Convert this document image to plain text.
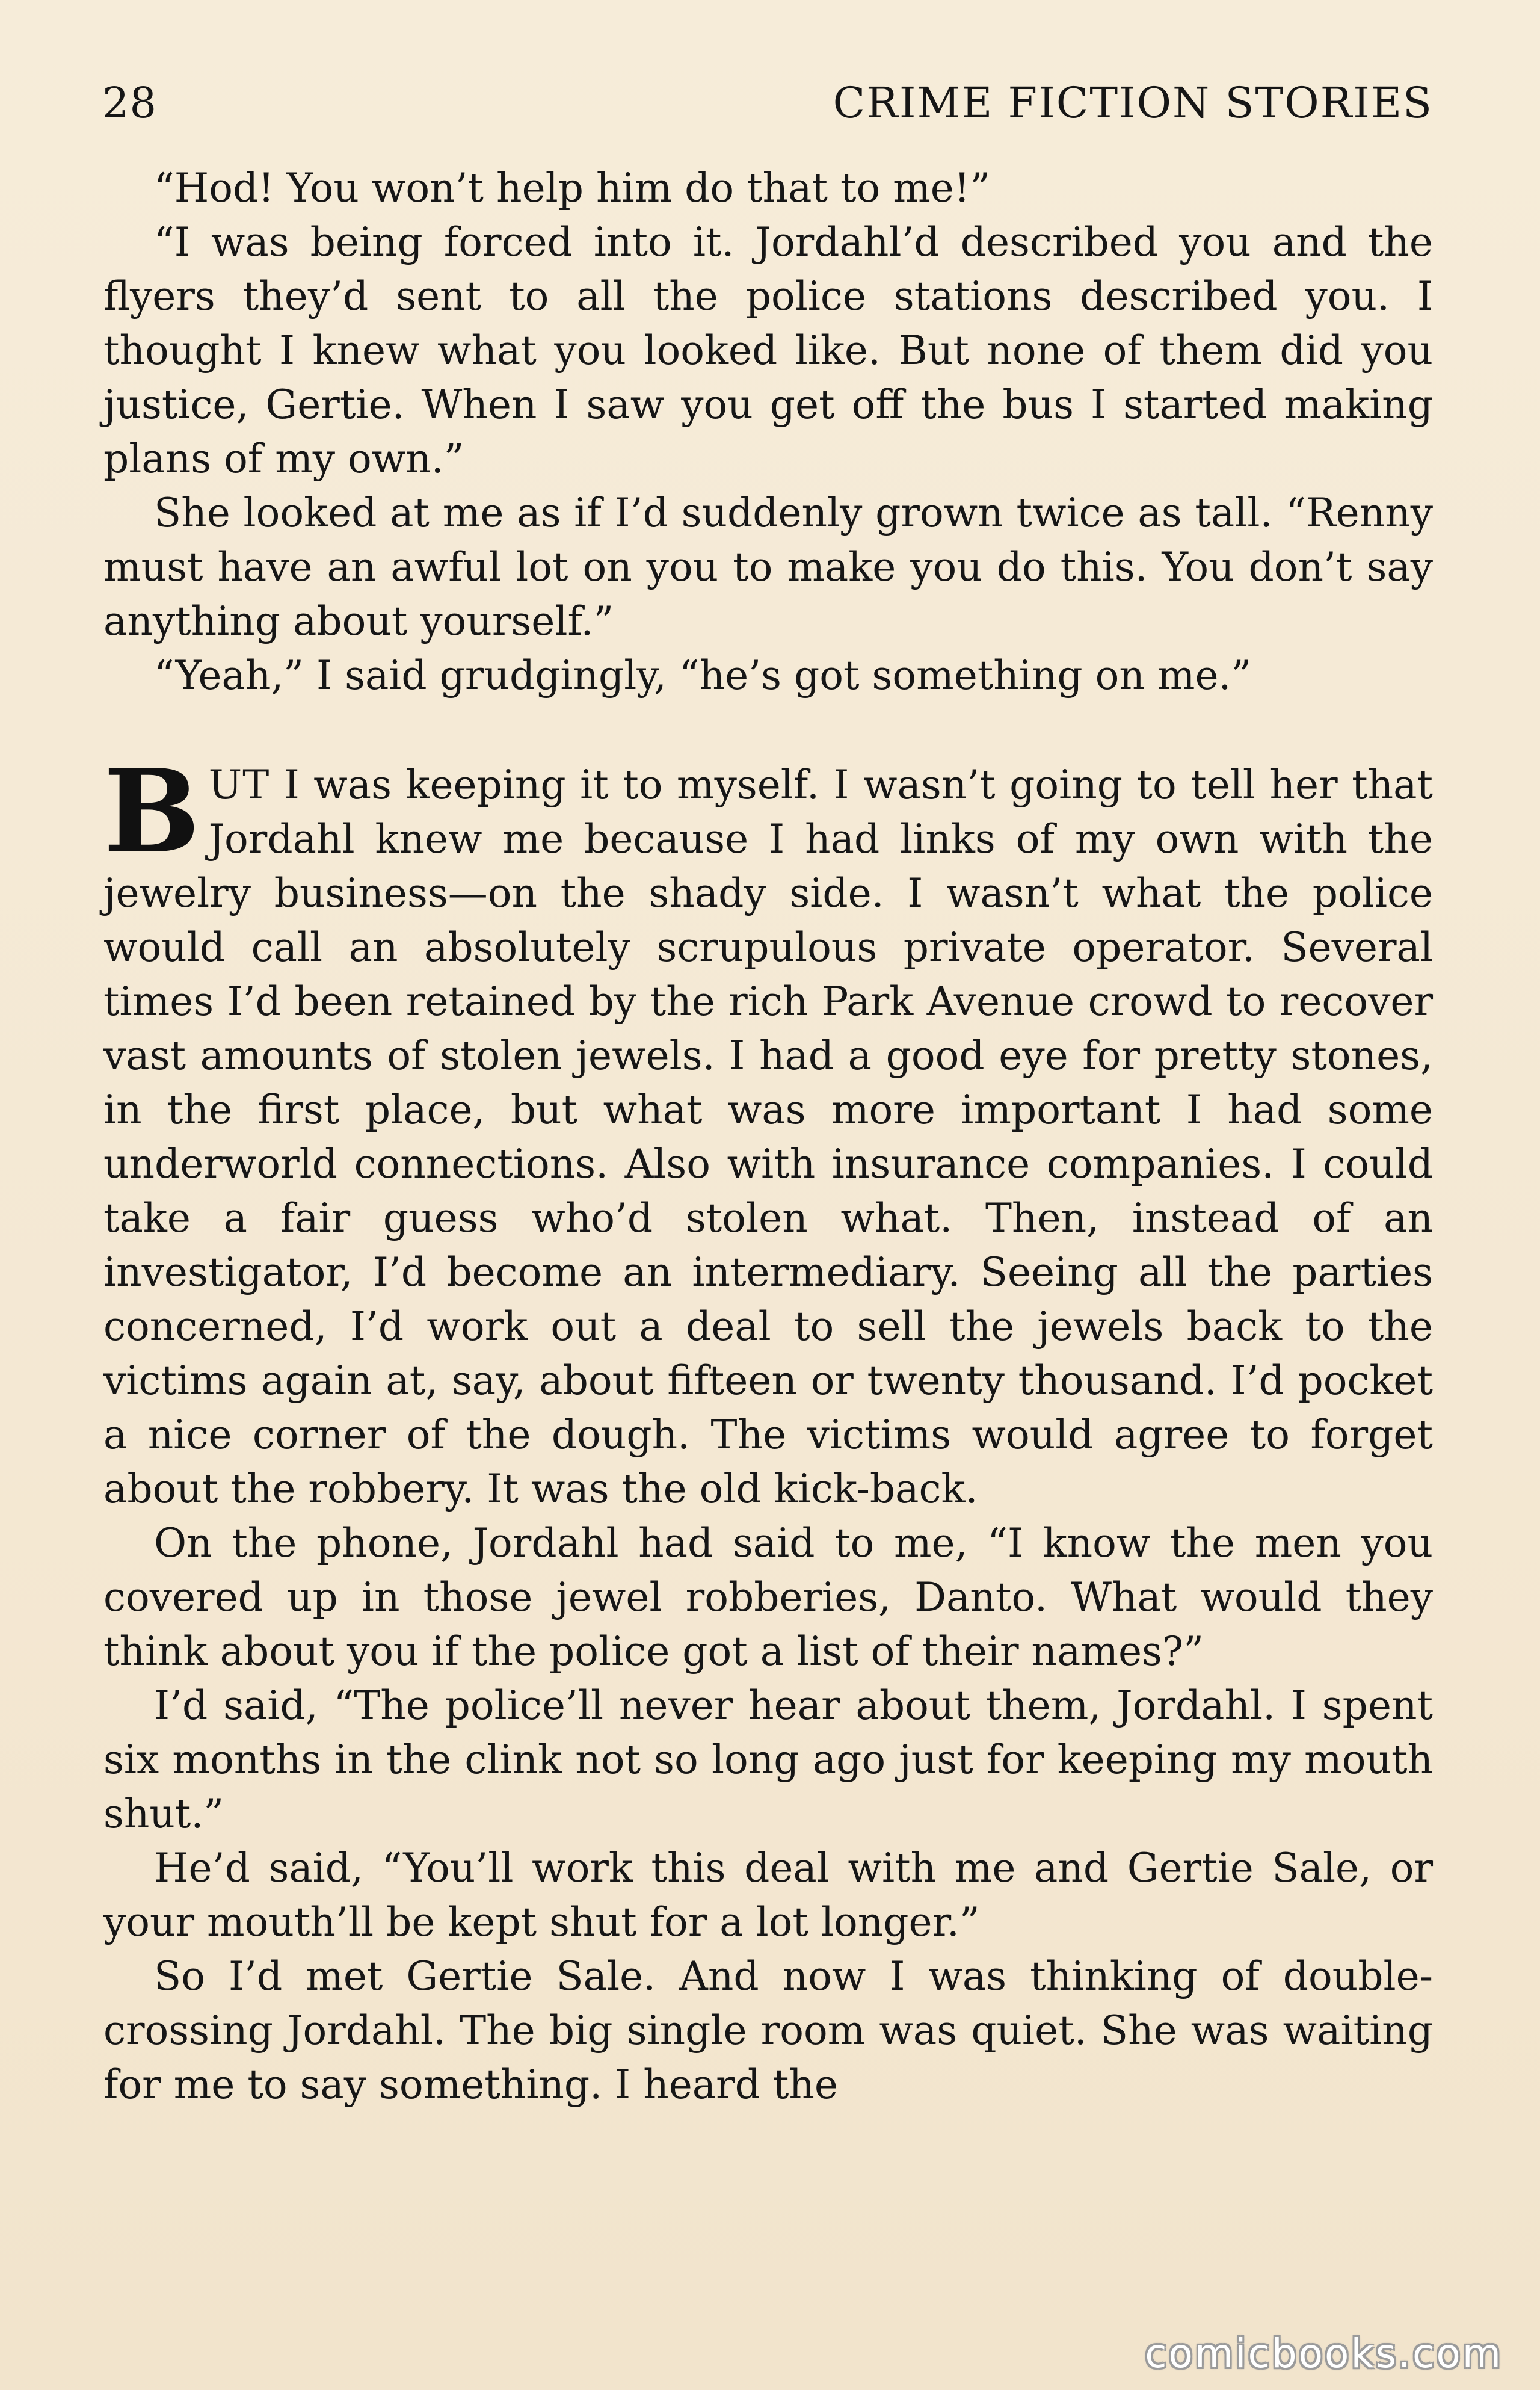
28	CRIME FICTION STORIES

“Hod! You won’t help him do that to me!”

“I was being forced into it. Jordahl’d described you and the flyers they’d sent to all the police stations described you. I thought I knew what you looked like. But none of them did you justice, Gertie. When I saw you get off the bus I started making plans of my own.”

She looked at me as if I’d suddenly grown twice as tall. “Renny must have an awful lot on you to make you do this. You don’t say anything about yourself.”

“Yeah,” I said grudgingly, “he’s got something on me.”

BUT I was keeping it to myself. I wasn’t going to tell her that Jordahl knew me because I had links of my own with the jewelry business—on the shady side. I wasn’t what the police would call an absolutely scrupulous private operator. Several times I’d been retained by the rich Park Avenue crowd to recover vast amounts of stolen jewels. I had a good eye for pretty stones, in the first place, but what was more important I had some underworld connections. Also with insurance companies. I could take a fair guess who’d stolen what. Then, instead of an investigator, I’d become an intermediary. Seeing all the parties concerned, I’d work out a deal to sell the jewels back to the victims again at, say, about fifteen or twenty thousand. I’d pocket a nice corner of the dough. The victims would agree to forget about the robbery. It was the old kick-back.

On the phone, Jordahl had said to me, “I know the men you covered up in those jewel robberies, Danto. What would they think about you if the police got a list of their names?”

I’d said, “The police’ll never hear about them, Jordahl. I spent six months in the clink not so long ago just for keeping my mouth shut.”

He’d said, “You’ll work this deal with me and Gertie Sale, or your mouth’ll be kept shut for a lot longer.”

So I’d met Gertie Sale. And now I was thinking of double-crossing Jordahl. The big single room was quiet. She was waiting for me to say something. I heard the

comicbooks.com
